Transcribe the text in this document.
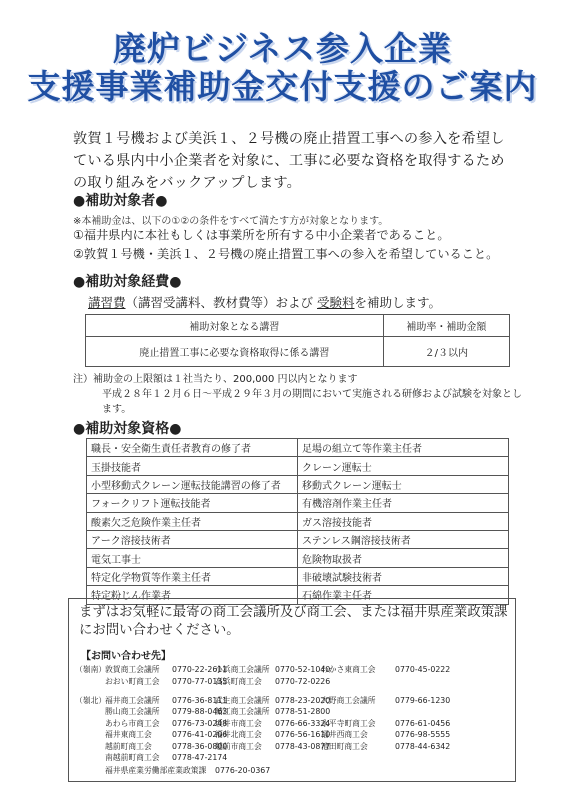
廃炉ビジネス参入企業
支援事業補助金交付支援のご案内
敦賀１号機および美浜１、２号機の廃止措置工事への参入を希望している県内中小企業者を対象に、工事に必要な資格を取得するための取り組みをバックアップします。
●補助対象者●
※本補助金は、以下の①②の条件をすべて満たす方が対象となります。
①福井県内に本社もしくは事業所を所有する中小企業者であること。
②敦賀１号機・美浜１、２号機の廃止措置工事への参入を希望していること。
●補助対象経費●
講習費（講習受講料、教材費等）および 受験料を補助します。
補助対象となる講習	補助率・補助金額
廃止措置工事に必要な資格取得に係る講習	２/３以内
注）補助金の上限額は１社当たり、200,000 円以内となります
平成２８年１２月６日～平成２９年３月の期間において実施される研修および試験を対象とします。
●補助対象資格●
職長・安全衛生責任者教育の修了者	足場の組立て等作業主任者
玉掛技能者	クレーン運転士
小型移動式クレーン運転技能講習の修了者	移動式クレーン運転士
フォークリフト運転技能者	有機溶剤作業主任者
酸素欠乏危険作業主任者	ガス溶接技能者
アーク溶接技術者	ステンレス鋼溶接技術者
電気工事士	危険物取扱者
特定化学物質等作業主任者	非破壊試験技術者
特定粉じん作業者	石綿作業主任者
まずはお気軽に最寄の商工会議所及び商工会、または福井県産業政策課にお問い合わせください。
【お問い合わせ先】
（嶺南）
敦賀商工会議所 0770-22-2611
小浜商工会議所 0770-52-1040
わかさ東商工会 0770-45-0222
おおい町商工会 0770-77-0135
高浜町商工会 0770-72-0226
（嶺北）
福井商工会議所 0776-36-8111
武生商工会議所 0778-23-2020
大野商工会議所 0779-66-1230
勝山商工会議所 0779-88-0463
鯖江商工会議所 0778-51-2800
あわら市商工会 0776-73-0248
坂井市商工会 0776-66-3324
永平寺町商工会 0776-61-0456
福井東商工会	0776-41-0206
福井北商工会 0776-56-1610
福井西商工会	0776-98-5555
越前町商工会	0778-36-0800
越前市商工会 0778-43-0877
池田町商工会	0778-44-6342
南越前町商工会 0778-47-2174
福井県産業労働部産業政策課 0776-20-0367
